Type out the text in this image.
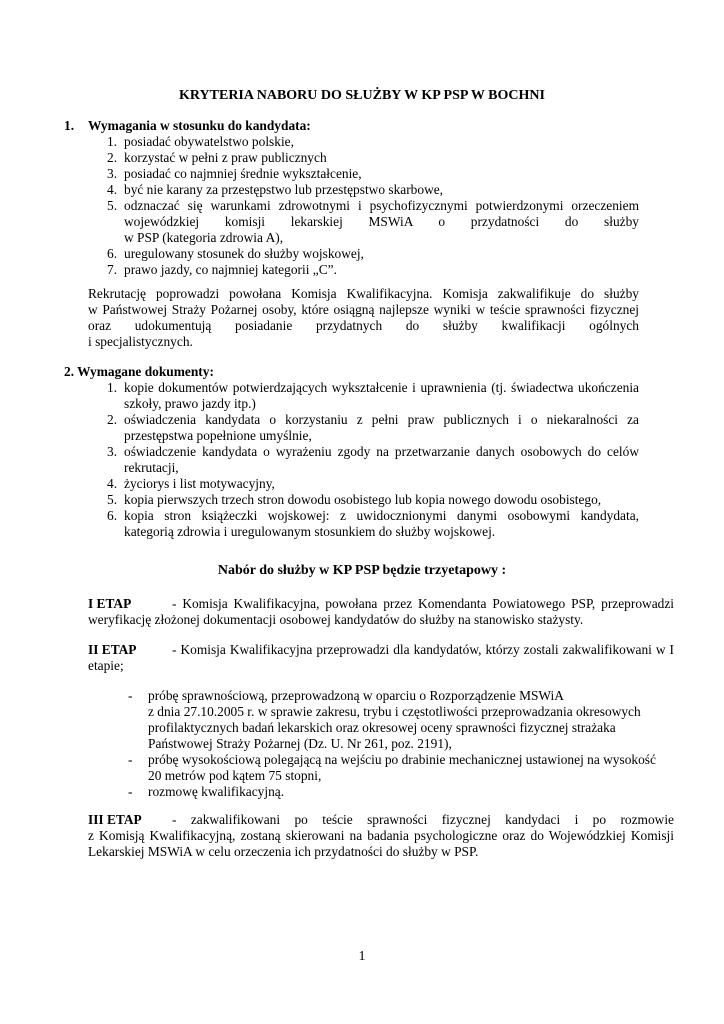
KRYTERIA NABORU DO SŁUŻBY W KP PSP W BOCHNI
1. Wymagania w stosunku do kandydata:
1. posiadać obywatelstwo polskie,
2. korzystać w pełni z praw publicznych
3. posiadać co najmniej średnie wykształcenie,
4. być nie karany za przestępstwo lub przestępstwo skarbowe,
5. odznaczać się warunkami zdrowotnymi i psychofizycznymi potwierdzonymi orzeczeniem
wojewódzkiej komisji lekarskiej MSWiA o przydatności do służby
w PSP (kategoria zdrowia A),
6. uregulowany stosunek do służby wojskowej,
7. prawo jazdy, co najmniej kategorii „C”.
Rekrutację poprowadzi powołana Komisja Kwalifikacyjna. Komisja zakwalifikuje do służby
w Państwowej Straży Pożarnej osoby, które osiągną najlepsze wyniki w teście sprawności fizycznej
oraz udokumentują posiadanie przydatnych do służby kwalifikacji ogólnych
i specjalistycznych.
2. Wymagane dokumenty:
1. kopie dokumentów potwierdzających wykształcenie i uprawnienia (tj. świadectwa ukończenia
szkoły, prawo jazdy itp.)
2. oświadczenia kandydata o korzystaniu z pełni praw publicznych i o niekaralności za
przestępstwa popełnione umyślnie,
3. oświadczenie kandydata o wyrażeniu zgody na przetwarzanie danych osobowych do celów
rekrutacji,
4. życiorys i list motywacyjny,
5. kopia pierwszych trzech stron dowodu osobistego lub kopia nowego dowodu osobistego,
6. kopia stron książeczki wojskowej: z uwidocznionymi danymi osobowymi kandydata,
kategorią zdrowia i uregulowanym stosunkiem do służby wojskowej.
Nabór do służby w KP PSP będzie trzyetapowy :
I ETAP	- Komisja Kwalifikacyjna, powołana przez Komendanta Powiatowego PSP, przeprowadzi
weryfikację złożonej dokumentacji osobowej kandydatów do służby na stanowisko stażysty.
II ETAP	- Komisja Kwalifikacyjna przeprowadzi dla kandydatów, którzy zostali zakwalifikowani w I
etapie;
- próbę sprawnościową, przeprowadzoną w oparciu o Rozporządzenie MSWiA
z dnia 27.10.2005 r. w sprawie zakresu, trybu i częstotliwości przeprowadzania okresowych
profilaktycznych badań lekarskich oraz okresowej oceny sprawności fizycznej strażaka
Państwowej Straży Pożarnej (Dz. U. Nr 261, poz. 2191),
- próbę wysokościową polegającą na wejściu po drabinie mechanicznej ustawionej na wysokość
20 metrów pod kątem 75 stopni,
- rozmowę kwalifikacyjną.
III ETAP - zakwalifikowani po teście sprawności fizycznej kandydaci i po rozmowie
z Komisją Kwalifikacyjną, zostaną skierowani na badania psychologiczne oraz do Wojewódzkiej Komisji
Lekarskiej MSWiA w celu orzeczenia ich przydatności do służby w PSP.
1
